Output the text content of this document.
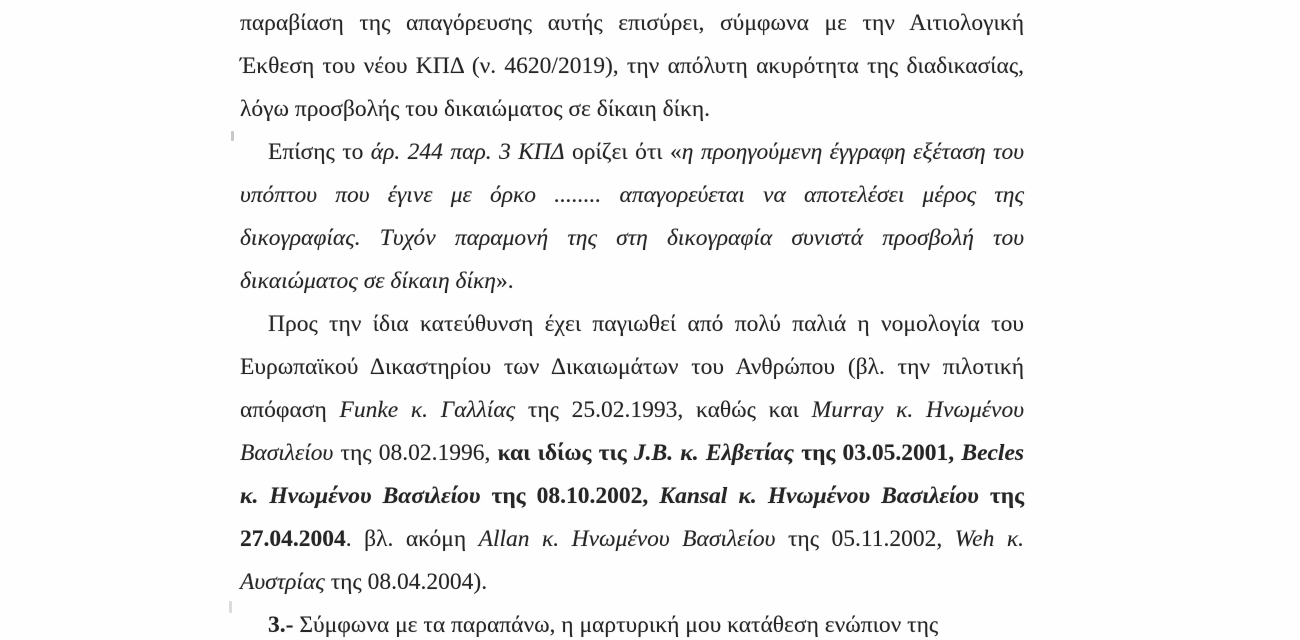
παραβίαση της απαγόρευσης αυτής επισύρει, σύμφωνα με την Αιτιολογική Έκθεση του νέου ΚΠΔ (ν. 4620/2019), την απόλυτη ακυρότητα της διαδικασίας, λόγω προσβολής του δικαιώματος σε δίκαιη δίκη.

Επίσης το άρ. 244 παρ. 3 ΚΠΔ ορίζει ότι «η προηγούμενη έγγραφη εξέταση του υπόπτου που έγινε με όρκο ........ απαγορεύεται να αποτελέσει μέρος της δικογραφίας. Τυχόν παραμονή της στη δικογραφία συνιστά προσβολή του δικαιώματος σε δίκαιη δίκη».

Προς την ίδια κατεύθυνση έχει παγιωθεί από πολύ παλιά η νομολογία του Ευρωπαϊκού Δικαστηρίου των Δικαιωμάτων του Ανθρώπου (βλ. την πιλοτική απόφαση Funke κ. Γαλλίας της 25.02.1993, καθώς και Murray κ. Ηνωμένου Βασιλείου της 08.02.1996, και ιδίως τις J.B. κ. Ελβετίας της 03.05.2001, Becles κ. Ηνωμένου Βασιλείου της 08.10.2002, Kansal κ. Ηνωμένου Βασιλείου της 27.04.2004. βλ. ακόμη Allan κ. Ηνωμένου Βασιλείου της 05.11.2002, Weh κ. Αυστρίας της 08.04.2004).

3.- Σύμφωνα με τα παραπάνω, η μαρτυρική μου κατάθεση ενώπιον της
